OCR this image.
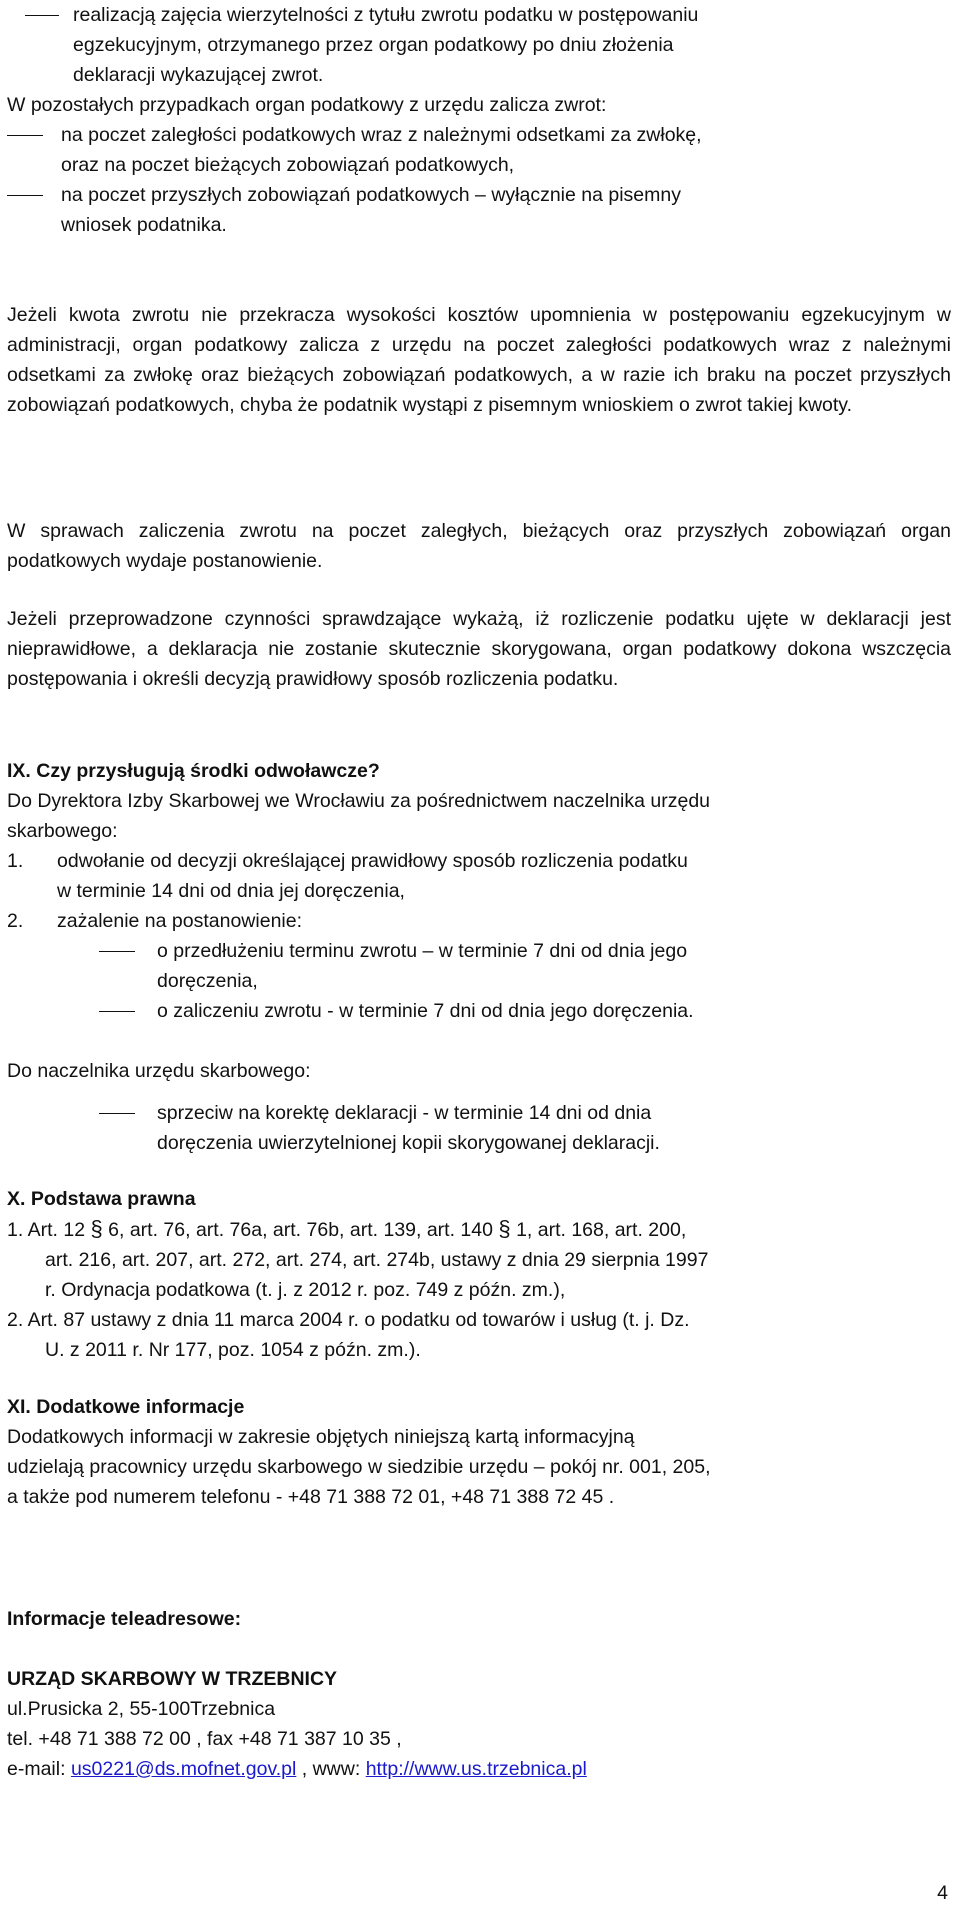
realizacją zajęcia wierzytelności z tytułu zwrotu podatku w postępowaniu
egzekucyjnym, otrzymanego przez organ podatkowy po dniu złożenia
deklaracji wykazującej zwrot.
W pozostałych przypadkach organ podatkowy z urzędu zalicza zwrot:
na poczet zaległości podatkowych wraz z należnymi odsetkami za zwłokę,
oraz na poczet bieżących zobowiązań podatkowych,
na poczet przyszłych zobowiązań podatkowych – wyłącznie na pisemny
wniosek podatnika.

Jeżeli kwota zwrotu nie przekracza wysokości kosztów upomnienia w postępowaniu egzekucyjnym w administracji, organ podatkowy zalicza z urzędu na poczet zaległości podatkowych wraz z należnymi odsetkami za zwłokę oraz bieżących zobowiązań podatkowych, a w razie ich braku na poczet przyszłych zobowiązań podatkowych, chyba że podatnik wystąpi z pisemnym wnioskiem o zwrot takiej kwoty.

W sprawach zaliczenia zwrotu na poczet zaległych, bieżących oraz przyszłych zobowiązań organ podatkowych wydaje postanowienie.

Jeżeli przeprowadzone czynności sprawdzające wykażą, iż rozliczenie podatku ujęte w deklaracji jest nieprawidłowe, a deklaracja nie zostanie skutecznie skorygowana, organ podatkowy dokona wszczęcia postępowania i określi decyzją prawidłowy sposób rozliczenia podatku.

IX. Czy przysługują środki odwoławcze?
Do Dyrektora Izby Skarbowej we Wrocławiu za pośrednictwem naczelnika urzędu
skarbowego:
1. odwołanie od decyzji określającej prawidłowy sposób rozliczenia podatku
w terminie 14 dni od dnia jej doręczenia,
2. zażalenie na postanowienie:
o przedłużeniu terminu zwrotu – w terminie 7 dni od dnia jego
doręczenia,
o zaliczeniu zwrotu - w terminie 7 dni od dnia jego doręczenia.
Do naczelnika urzędu skarbowego:
sprzeciw na korektę deklaracji - w terminie 14 dni od dnia
doręczenia uwierzytelnionej kopii skorygowanej deklaracji.
X. Podstawa prawna
1. Art. 12 § 6, art. 76, art. 76a, art. 76b, art. 139, art. 140 § 1, art. 168, art. 200,
art. 216, art. 207, art. 272, art. 274, art. 274b, ustawy z dnia 29 sierpnia 1997
r. Ordynacja podatkowa (t. j. z 2012 r. poz. 749 z późn. zm.),
2. Art. 87 ustawy z dnia 11 marca 2004 r. o podatku od towarów i usług (t. j. Dz.
U. z 2011 r. Nr 177, poz. 1054 z późn. zm.).
XI. Dodatkowe informacje
Dodatkowych informacji w zakresie objętych niniejszą kartą informacyjną
udzielają pracownicy urzędu skarbowego w siedzibie urzędu – pokój nr. 001, 205,
a także pod numerem telefonu - +48 71 388 72 01, +48 71 388 72 45 .
Informacje teleadresowe:
URZĄD SKARBOWY W TRZEBNICY
ul.Prusicka 2, 55-100Trzebnica
tel. +48 71 388 72 00 , fax +48 71 387 10 35 ,
e-mail: us0221@ds.mofnet.gov.pl , www: http://www.us.trzebnica.pl
4
